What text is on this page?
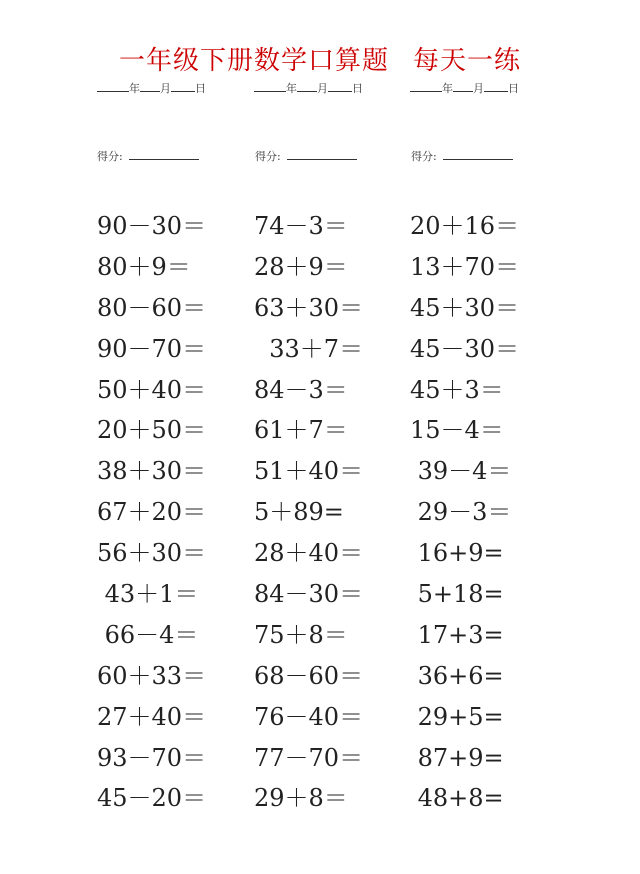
一年级下册数学口算题 每天一练
年 月 日	年 月 日	年 月 日
得分:	得分:	得分:
90－30＝
80＋9＝
80－60＝
90－70＝
50＋40＝
20＋50＝
38＋30＝
67＋20＝
56＋30＝
43＋1＝
66－4＝
60＋33＝
27＋40＝
93－70＝
45－20＝
74－3＝
28＋9＝
63＋30＝
33＋7＝
84－3＝
61＋7＝
51＋40＝
5＋89=
28＋40＝
84－30＝
75＋8＝
68－60＝
76－40＝
77－70＝
29＋8＝
20＋16＝
13＋70＝
45＋30＝
45－30＝
45＋3＝
15－4＝
39－4＝
29－3＝
16+9=
5+18=
17+3=
36+6=
29+5=
87+9=
48+8=
